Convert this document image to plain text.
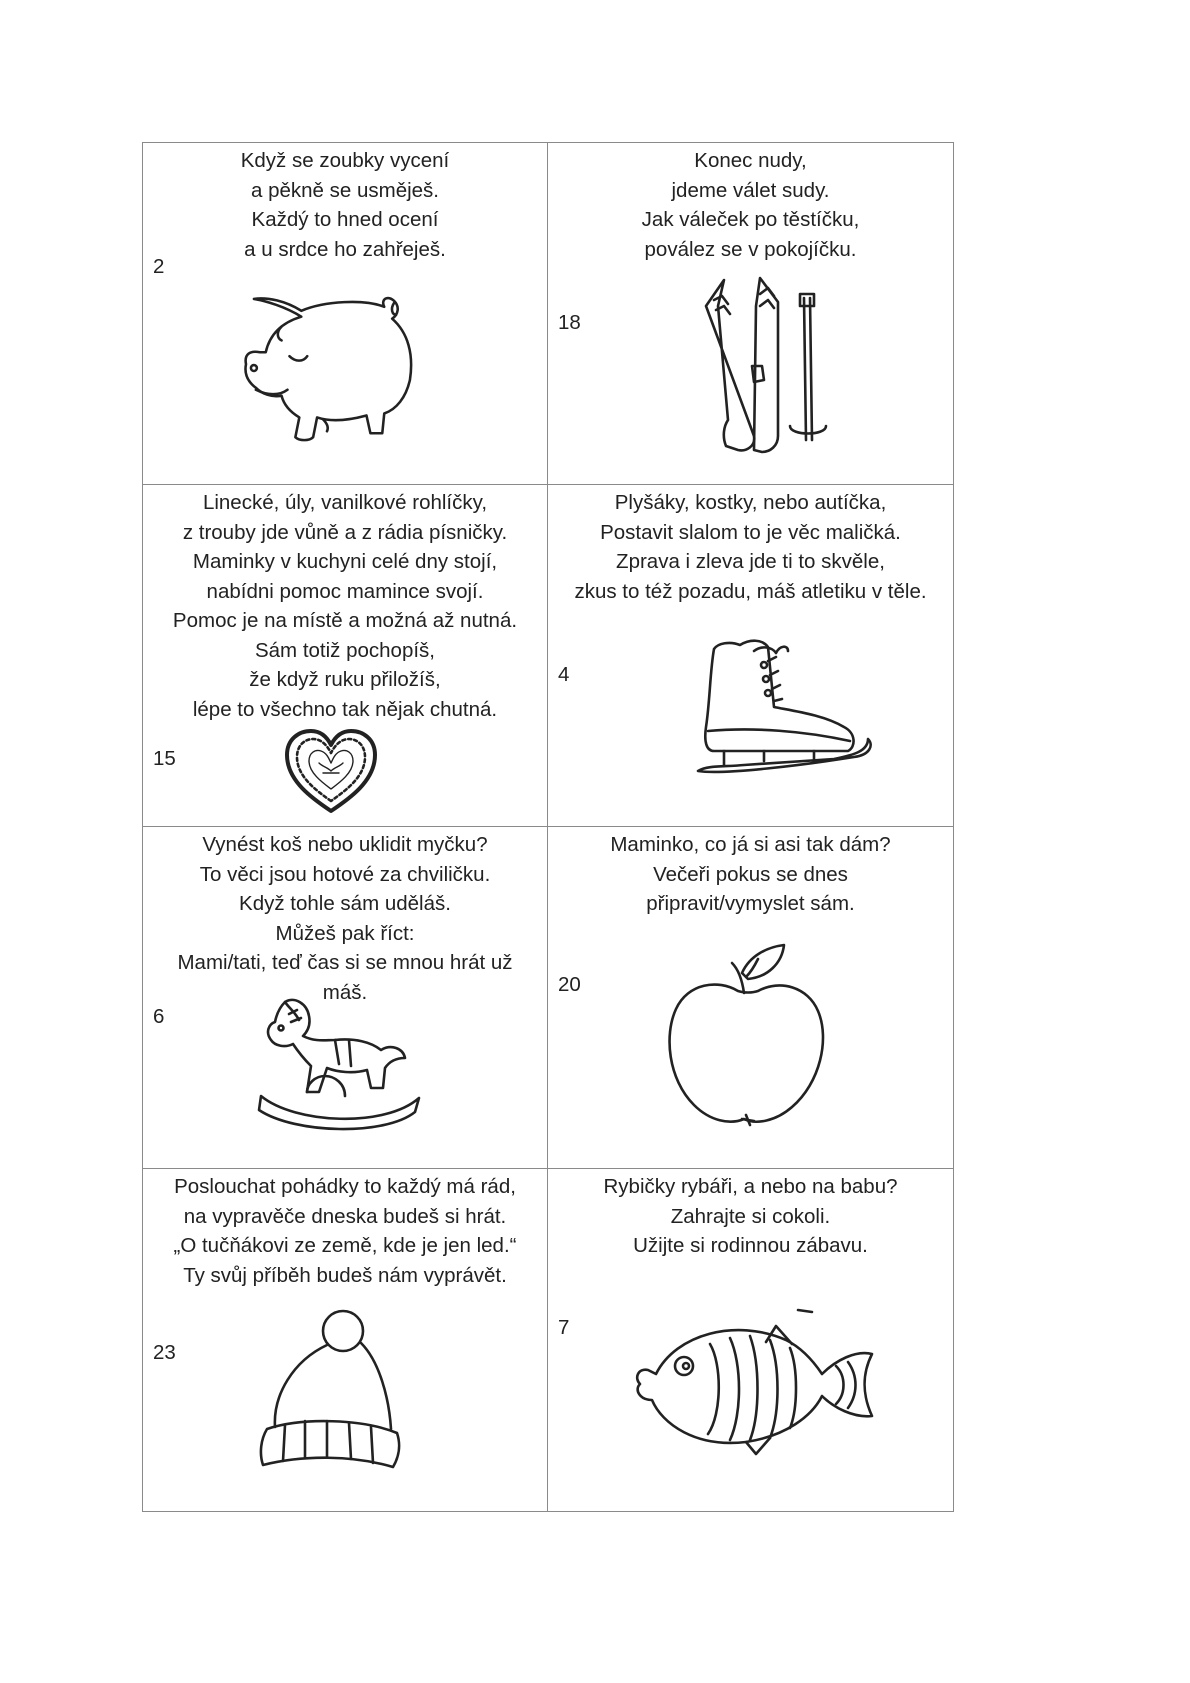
Když se zoubky vycení
a pěkně se usměješ.
Každý to hned ocení
a u srdce ho zahřeješ.
2
Konec nudy,
jdeme válet sudy.
Jak váleček po těstíčku,
povález se v pokojíčku.
18
Linecké, úly, vanilkové rohlíčky,
z trouby jde vůně a z rádia písničky.
Maminky v kuchyni celé dny stojí,
nabídni pomoc mamince svojí.
Pomoc je na místě a možná až nutná.
Sám totiž pochopíš,
že když ruku přiložíš,
lépe to všechno tak nějak chutná.
15
Plyšáky, kostky, nebo autíčka,
Postavit slalom to je věc maličká.
Zprava i zleva jde ti to skvěle,
zkus to též pozadu, máš atletiku v těle.
4
Vynést koš nebo uklidit myčku?
To věci jsou hotové za chviličku.
Když tohle sám uděláš.
Můžeš pak říct:
Mami/tati, teď čas si se mnou hrát už
máš.
6
Maminko, co já si asi tak dám?
Večeři pokus se dnes
připravit/vymyslet sám.
20
Poslouchat pohádky to každý má rád,
na vypravěče dneska budeš si hrát.
„O tučňákovi ze země, kde je jen led.“
Ty svůj příběh budeš nám vyprávět.
23
Rybičky rybáři, a nebo na babu?
Zahrajte si cokoli.
Užijte si rodinnou zábavu.
7
